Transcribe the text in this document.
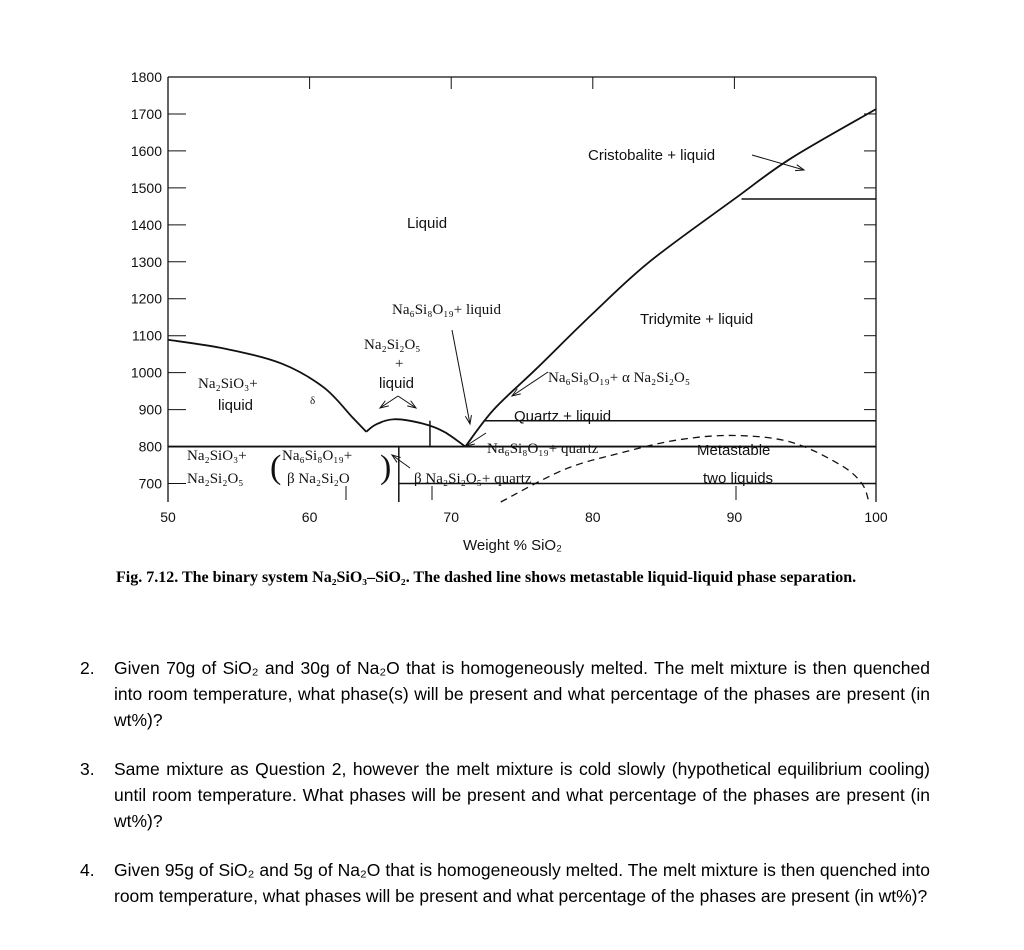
700
800
900
1000
1100
1200
1300
1400
1500
1600
1700
1800
50	60	70	80	90	100
Liquid
Cristobalite + liquid
Tridymite + liquid
Na₆Si₈O₁₉+ liquid
Na₂Si₂O₅
+
liquid
Na₂SiO₃+
liquid	δ
Na₆Si₈O₁₉+ α Na₂Si₂O₅
Quartz + liquid
Na₆Si₈O₁₉+ quartz	Metastable
two liquids
β Na₂Si₂O₅+ quartz
Na₂SiO₃+
Na₂Si₂O₅
Na₆Si₈O₁₉+
β Na₂Si₂O
(	)
Weight % SiO₂
Fig. 7.12. The binary system Na₂SiO₃–SiO₂. The dashed line shows metastable liquid-liquid phase separation.
2.	Given 70g of SiO₂ and 30g of Na₂O that is homogeneously melted. The melt mixture is then quenched into room temperature, what phase(s) will be present and what percentage of the phases are present (in wt%)?
3.	Same mixture as Question 2, however the melt mixture is cold slowly (hypothetical equilibrium cooling) until room temperature. What phases will be present and what percentage of the phases are present (in wt%)?
4.	Given 95g of SiO₂ and 5g of Na₂O that is homogeneously melted. The melt mixture is then quenched into room temperature, what phases will be present and what percentage of the phases are present (in wt%)?
